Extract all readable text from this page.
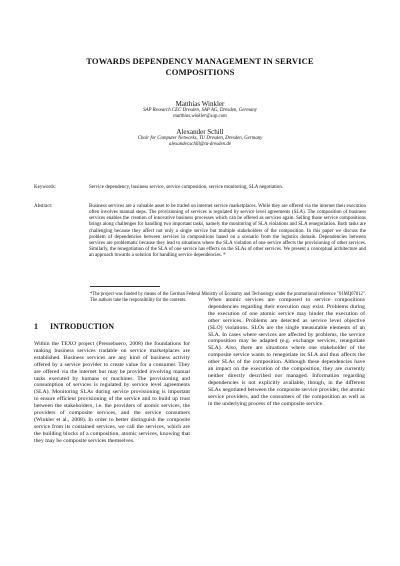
TOWARDS DEPENDENCY MANAGEMENT IN SERVICE
COMPOSITIONS
Matthias Winkler
SAP Research CEC Dresden, SAP AG, Dresden, Germany
matthias.winkler@sap.com
Alexander Schill
Chair for Computer Networks, TU Dresden, Dresden, Germany
alexander.schill@tu-dresden.de
Keywords:	Service dependency, business service, service composition, service monitoring, SLA negotiation.
Abstract:	Business services are a valuable asset to be traded on internet service marketplaces. While they are offered via the internet their execution often involves manual steps. The provisioning of services is regulated by service level agreements (SLA). The composition of business services enables the creation of innovative business processes which can be offered as services again. Selling those service compositions brings along challenges for handling two important tasks, namely the monitoring of SLA violations and SLA renegotiation. Both tasks are challenging because they affect not only a single service but multiple stakeholders of the composition. In this paper we discuss the problem of dependencies between services in compositions based on a scenario from the logistics domain. Dependencies between services are problematic because they lead to situations where the SLA violation of one service affects the provisioning of other services. Similarly, the renegotiation of the SLA of one service has effects on the SLAs of other services. We present a conceptual architecture and an approach towards a solution for handling service dependencies. *
*The project was funded by means of the German Federal Ministry of Economy and Technology under the promotional reference "01MQ07012". The authors take the responsibility for the contents.
1 INTRODUCTION
Within the TEXO project (Pressebuero, 2008) the foundations for making business services tradable on service marketplaces are established. Business services are any kind of business activity offered by a service provider to create value for a consumer. They are offered via the internet but may be provided involving manual tasks executed by humans or machines. The provisioning and consumption of services is regulated by service level agreements (SLA). Monitoring SLAs during service provisioning is important to ensure efficient provisioning of the service and to build up trust between the stakeholders, i.e. the providers of atomic services, the providers of composite services, and the service consumers (Winkler et al., 2008). In order to better distinguish the composite service from its contained services, we call the services, which are the building blocks of a composition, atomic services, knowing that they may be composite services themselves.
When atomic services are composed to service compositions dependencies regarding their execution may exist. Problems during the execution of one atomic service may hinder the execution of other services. Problems are detected as service level objective (SLO) violations. SLOs are the single measurable elements of an SLA. In cases where services are affected by problems, the service composition may be adapted (e.g. exchange services, renegotiate SLA). Also, there are situations where one stakeholder of the composite service wants to renegotiate its SLA and thus affects the other SLAs of the composition. Although these dependencies have an impact on the execution of the composition, they are currently neither directly described nor managed. Information regarding dependencies is not explicitly available, though, in the different SLAs negotiated between the composite service provider, the atomic service providers, and the consumers of the composition as well as in the underlying process of the composite service.
